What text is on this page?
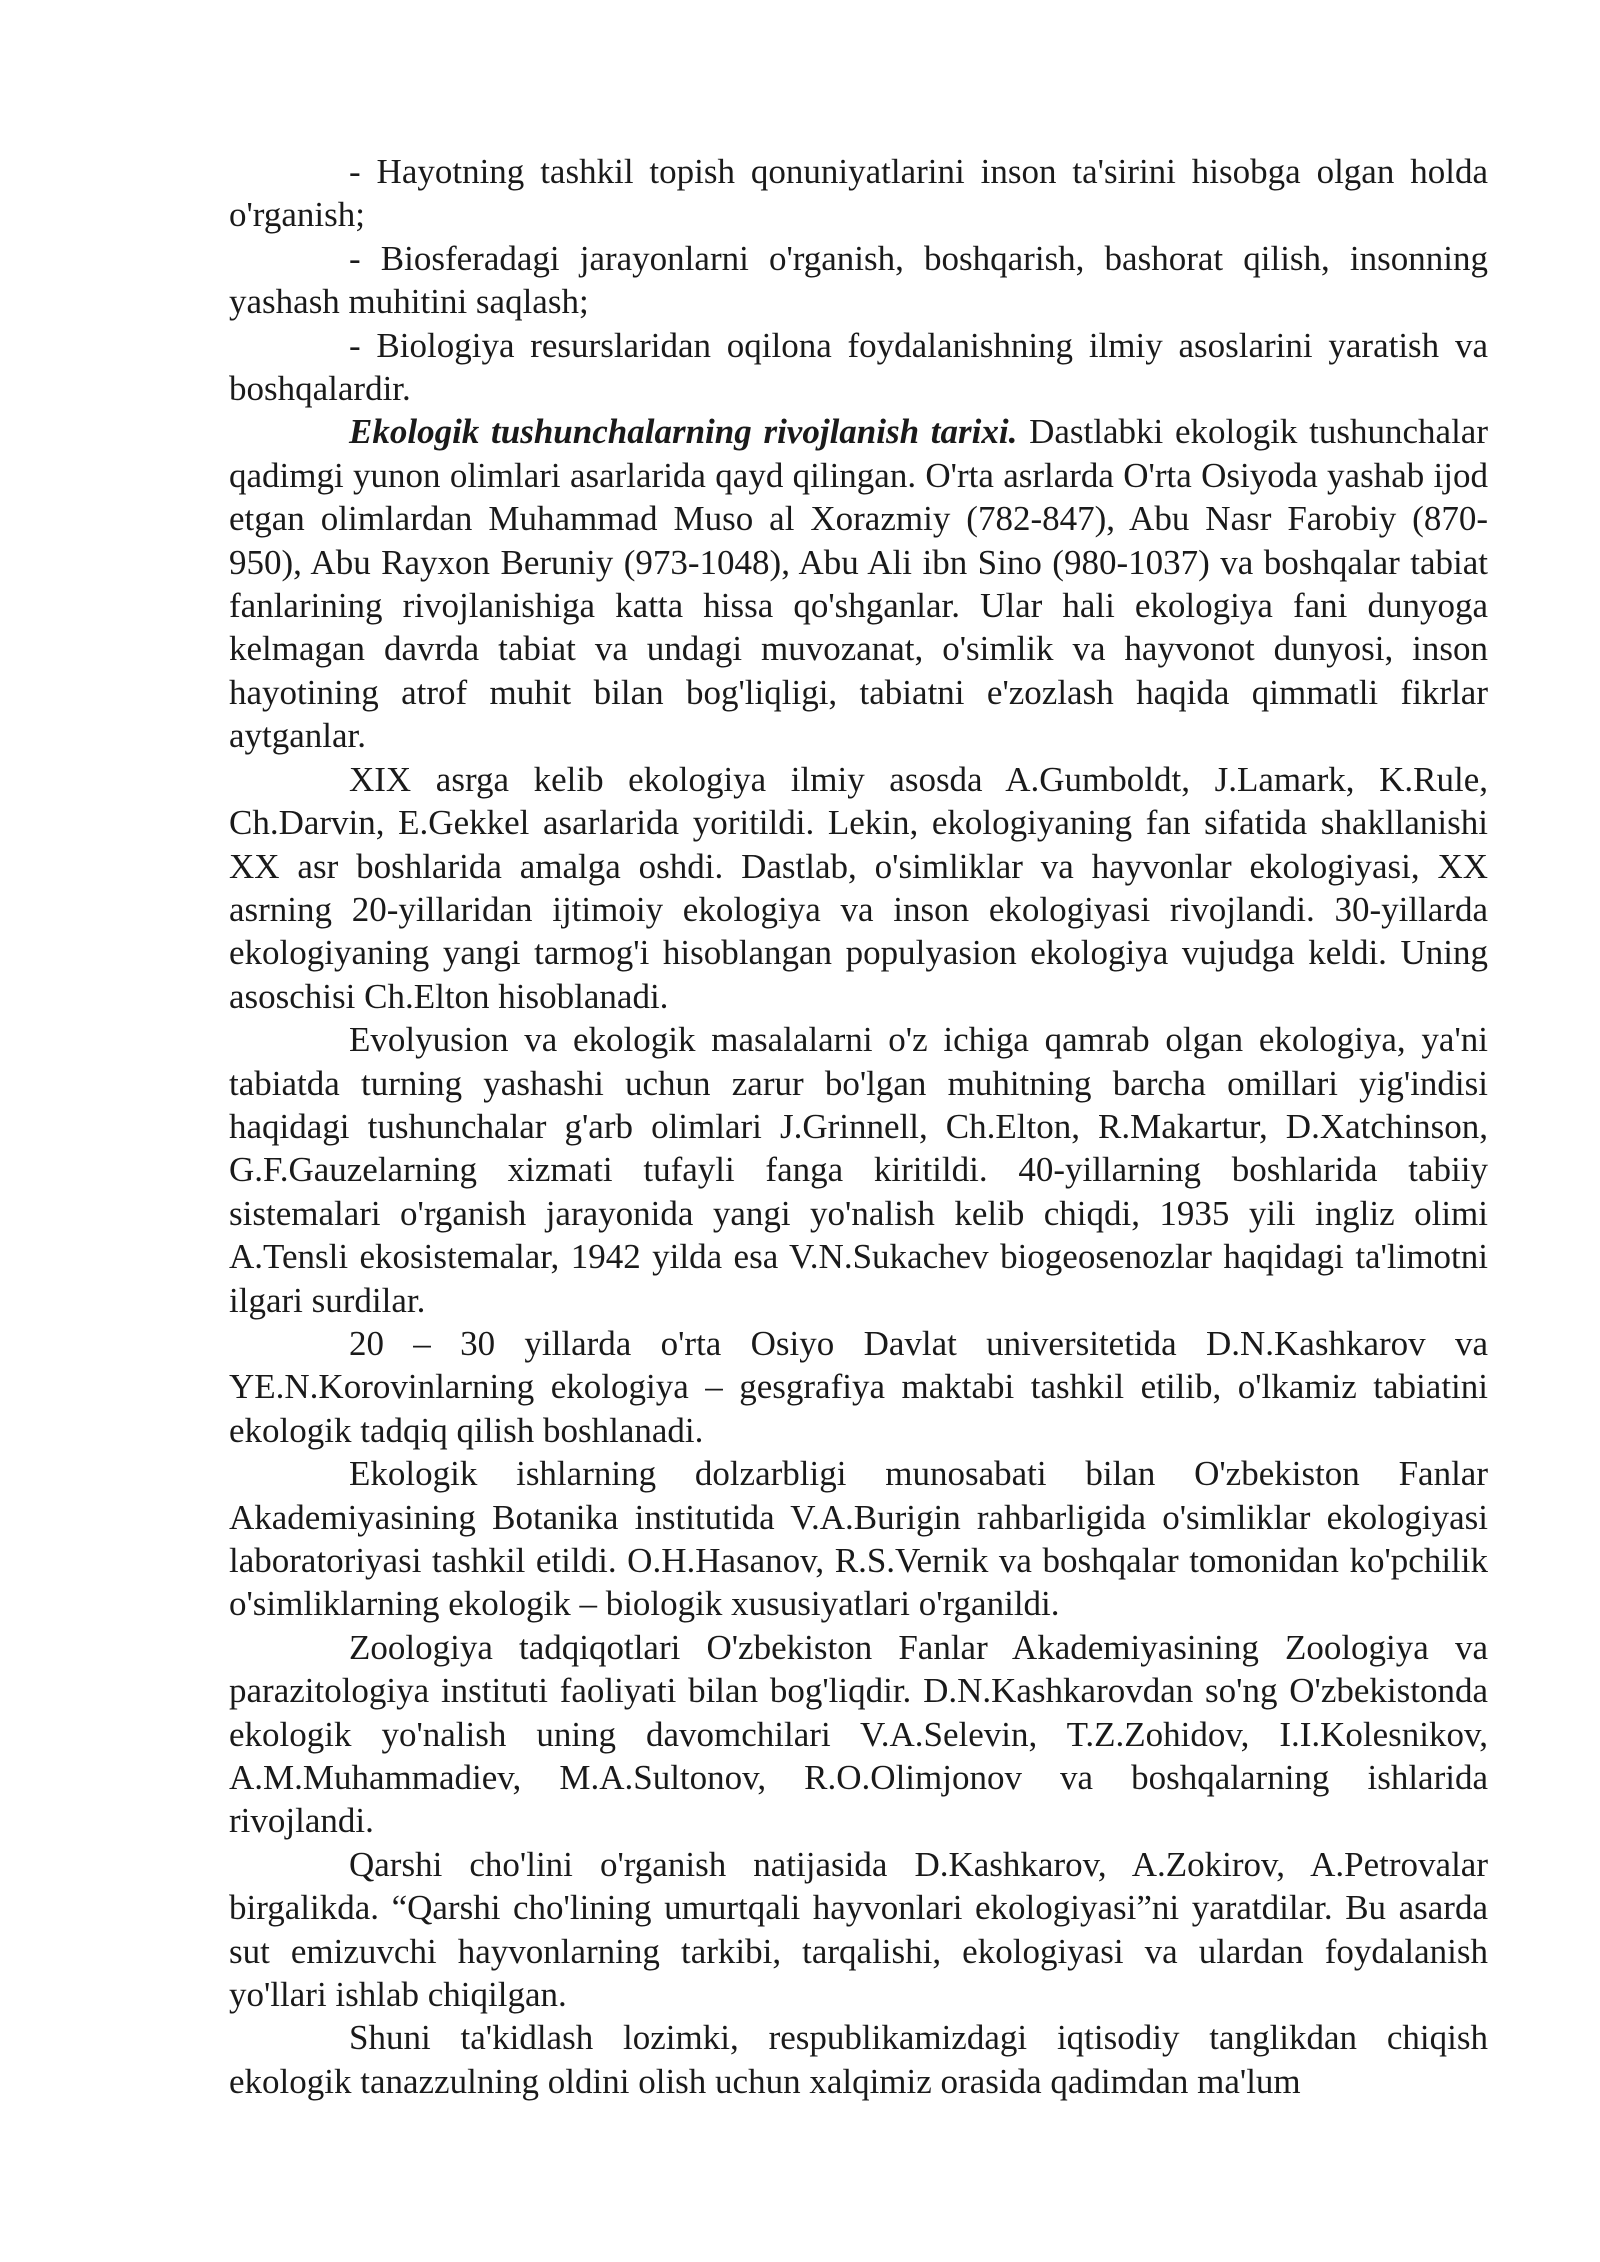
- Hayotning tashkil topish qonuniyatlarini inson ta'sirini hisobga olgan holda o'rganish;

- Biosferadagi jarayonlarni o'rganish, boshqarish, bashorat qilish, insonning yashash muhitini saqlash;

- Biologiya resurslaridan oqilona foydalanishning ilmiy asoslarini yaratish va boshqalardir.

Ekologik tushunchalarning rivojlanish tarixi. Dastlabki ekologik tushunchalar qadimgi yunon olimlari asarlarida qayd qilingan. O'rta asrlarda O'rta Osiyoda yashab ijod etgan olimlardan Muhammad Muso al Xorazmiy (782-847), Abu Nasr Farobiy (870-950), Abu Rayxon Beruniy (973-1048), Abu Ali ibn Sino (980-1037) va boshqalar tabiat fanlarining rivojlanishiga katta hissa qo'shganlar. Ular hali ekologiya fani dunyoga kelmagan davrda tabiat va undagi muvozanat, o'simlik va hayvonot dunyosi, inson hayotining atrof muhit bilan bog'liqligi, tabiatni e'zozlash haqida qimmatli fikrlar aytganlar.

XIX asrga kelib ekologiya ilmiy asosda A.Gumboldt, J.Lamark, K.Rule, Ch.Darvin, E.Gekkel asarlarida yoritildi. Lekin, ekologiyaning fan sifatida shakllanishi XX asr boshlarida amalga oshdi. Dastlab, o'simliklar va hayvonlar ekologiyasi, XX asrning 20-yillaridan ijtimoiy ekologiya va inson ekologiyasi rivojlandi. 30-yillarda ekologiyaning yangi tarmog'i hisoblangan populyasion ekologiya vujudga keldi. Uning asoschisi Ch.Elton hisoblanadi.

Evolyusion va ekologik masalalarni o'z ichiga qamrab olgan ekologiya, ya'ni tabiatda turning yashashi uchun zarur bo'lgan muhitning barcha omillari yig'indisi haqidagi tushunchalar g'arb olimlari J.Grinnell, Ch.Elton, R.Makartur, D.Xatchinson, G.F.Gauzelarning xizmati tufayli fanga kiritildi. 40-yillarning boshlarida tabiiy sistemalari o'rganish jarayonida yangi yo'nalish kelib chiqdi, 1935 yili ingliz olimi A.Tensli ekosistemalar, 1942 yilda esa V.N.Sukachev biogeosenozlar haqidagi ta'limotni ilgari surdilar.

20 – 30 yillarda o'rta Osiyo Davlat universitetida D.N.Kashkarov va YE.N.Korovinlarning ekologiya – gesgrafiya maktabi tashkil etilib, o'lkamiz tabiatini ekologik tadqiq qilish boshlanadi.

Ekologik ishlarning dolzarbligi munosabati bilan O'zbekiston Fanlar Akademiyasining Botanika institutida V.A.Burigin rahbarligida o'simliklar ekologiyasi laboratoriyasi tashkil etildi. O.H.Hasanov, R.S.Vernik va boshqalar tomonidan ko'pchilik o'simliklarning ekologik – biologik xususiyatlari o'rganildi.

Zoologiya tadqiqotlari O'zbekiston Fanlar Akademiyasining Zoologiya va parazitologiya instituti faoliyati bilan bog'liqdir. D.N.Kashkarovdan so'ng O'zbekistonda ekologik yo'nalish uning davomchilari V.A.Selevin, T.Z.Zohidov, I.I.Kolesnikov, A.M.Muhammadiev, M.A.Sultonov, R.O.Olimjonov va boshqalarning ishlarida rivojlandi.

Qarshi cho'lini o'rganish natijasida D.Kashkarov, A.Zokirov, A.Petrovalar birgalikda. “Qarshi cho'lining umurtqali hayvonlari ekologiyasi”ni yaratdilar. Bu asarda sut emizuvchi hayvonlarning tarkibi, tarqalishi, ekologiyasi va ulardan foydalanish yo'llari ishlab chiqilgan.

Shuni ta'kidlash lozimki, respublikamizdagi iqtisodiy tanglikdan chiqish ekologik tanazzulning oldini olish uchun xalqimiz orasida qadimdan ma'lum
